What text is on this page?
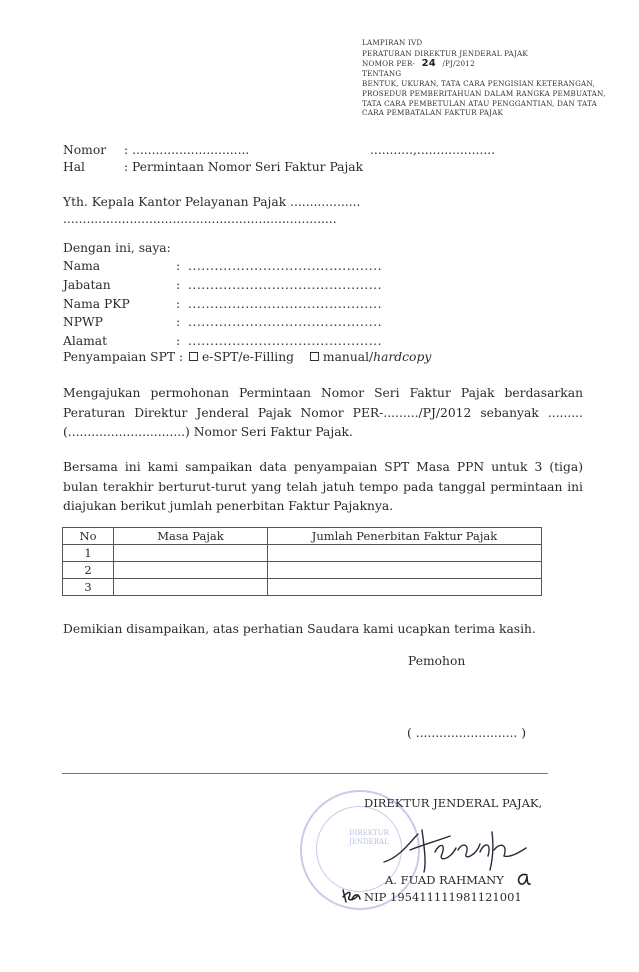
LAMPIRAN IVD
PERATURAN DIREKTUR JENDERAL PAJAK
NOMOR PER- 24 /PJ/2012
TENTANG
BENTUK, UKURAN, TATA CARA PENGISIAN KETERANGAN,
PROSEDUR PEMBERITAHUAN DALAM RANGKA PEMBUATAN,
TATA CARA PEMBETULAN ATAU PENGGANTIAN, DAN TATA
CARA PEMBATALAN FAKTUR PAJAK
Nomor : ..............................	...........,....................
Hal	: Permintaan Nomor Seri Faktur Pajak
Yth. Kepala Kantor Pelayanan Pajak ..................
......................................................................
Dengan ini, saya:
Nama	: ............................................
Jabatan	: ............................................
Nama PKP	: ............................................
NPWP	: ............................................
Alamat	: ............................................
Penyampaian SPT : e-SPT/e-Filling manual/hardcopy
Mengajukan permohonan Permintaan Nomor Seri Faktur Pajak berdasarkan Peraturan Direktur Jenderal Pajak Nomor PER-........./PJ/2012 sebanyak ......... (..............................) Nomor Seri Faktur Pajak.
Bersama ini kami sampaikan data penyampaian SPT Masa PPN untuk 3 (tiga) bulan terakhir berturut-turut yang telah jatuh tempo pada tanggal permintaan ini diajukan berikut jumlah penerbitan Faktur Pajaknya.
No	Masa Pajak	Jumlah Penerbitan Faktur Pajak
1		
2		
3		
Demikian disampaikan, atas perhatian Saudara kami ucapkan terima kasih.
Pemohon
( .......................... )
DIREKTUR JENDERAL
DIREKTUR JENDERAL PAJAK,
A. FUAD RAHMANY
NIP 195411111981121001
